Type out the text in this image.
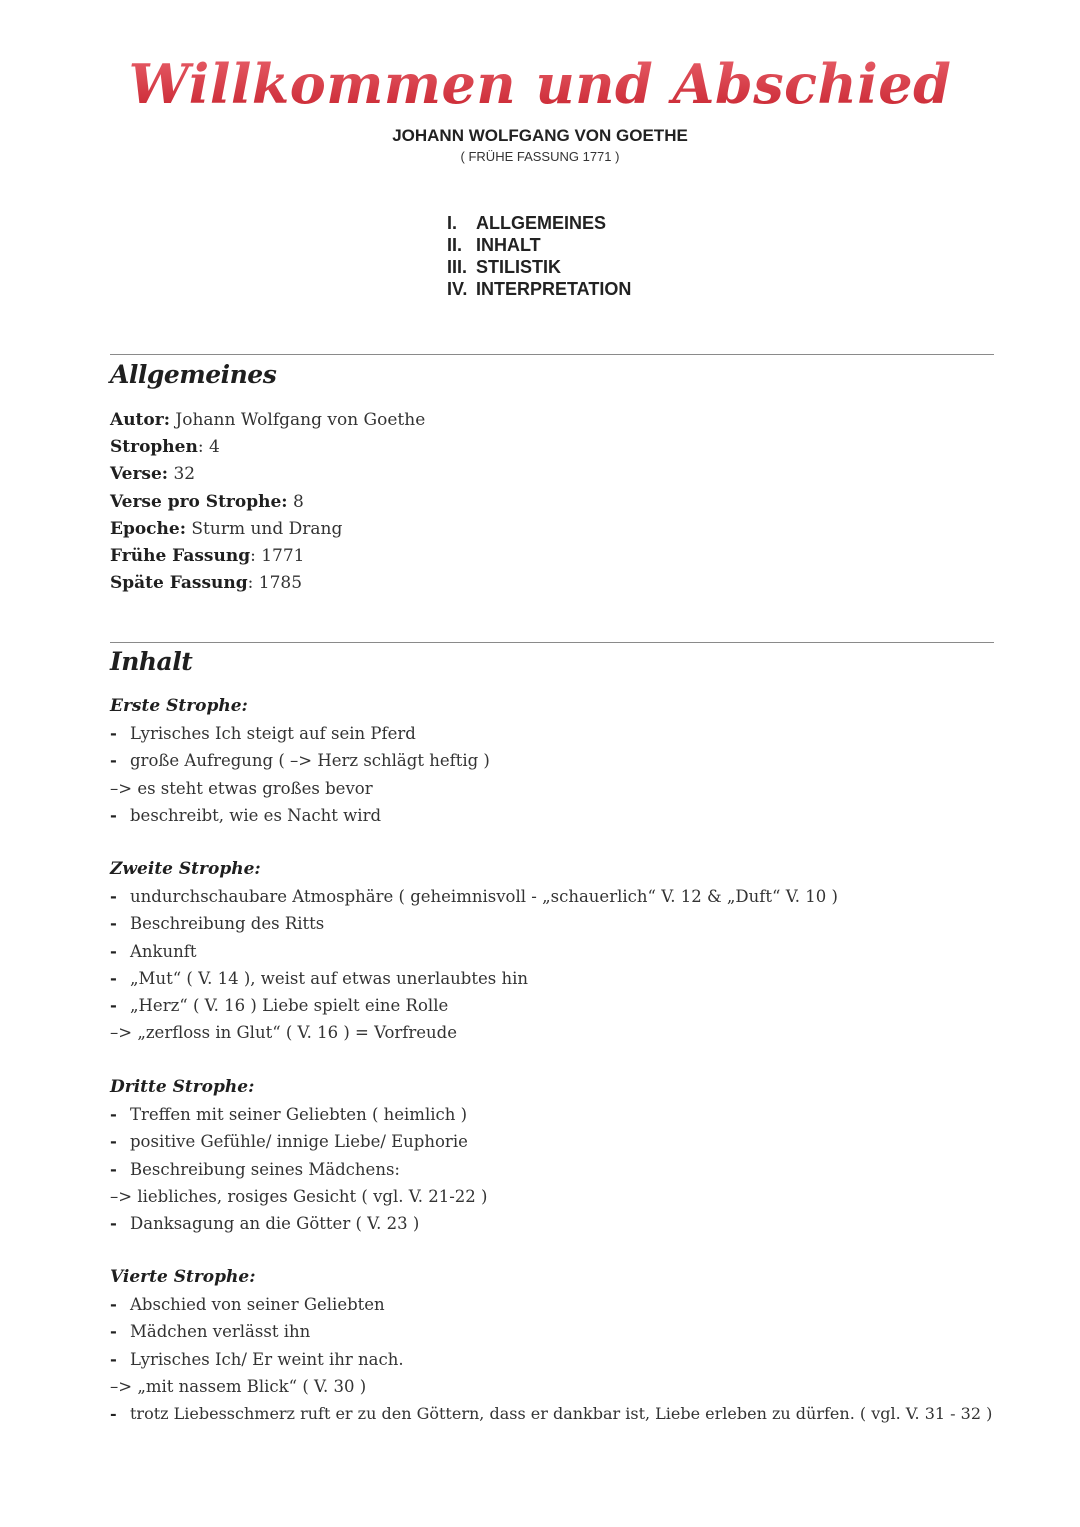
Willkommen und Abschied
JOHANN WOLFGANG VON GOETHE
( FRÜHE FASSUNG 1771 )
I. ALLGEMEINES
II. INHALT
III. STILISTIK
IV. INTERPRETATION
Allgemeines
Autor: Johann Wolfgang von Goethe
Strophen: 4
Verse: 32
Verse pro Strophe: 8
Epoche: Sturm und Drang
Frühe Fassung: 1771
Späte Fassung: 1785
Inhalt
Erste Strophe:
- Lyrisches Ich steigt auf sein Pferd
- große Aufregung ( –> Herz schlägt heftig )
–> es steht etwas großes bevor
- beschreibt, wie es Nacht wird
Zweite Strophe:
- undurchschaubare Atmosphäre ( geheimnisvoll - „schauerlich“ V. 12 & „Duft“ V. 10 )
- Beschreibung des Ritts
- Ankunft
- „Mut“ ( V. 14 ), weist auf etwas unerlaubtes hin
- „Herz“ ( V. 16 ) Liebe spielt eine Rolle
–> „zerfloss in Glut“ ( V. 16 ) = Vorfreude
Dritte Strophe:
- Treffen mit seiner Geliebten ( heimlich )
- positive Gefühle/ innige Liebe/ Euphorie
- Beschreibung seines Mädchens:
–> liebliches, rosiges Gesicht ( vgl. V. 21-22 )
- Danksagung an die Götter ( V. 23 )
Vierte Strophe:
- Abschied von seiner Geliebten
- Mädchen verlässt ihn
- Lyrisches Ich/ Er weint ihr nach.
–> „mit nassem Blick“ ( V. 30 )
- trotz Liebesschmerz ruft er zu den Göttern, dass er dankbar ist, Liebe erleben zu dürfen. ( vgl. V. 31 - 32 )
